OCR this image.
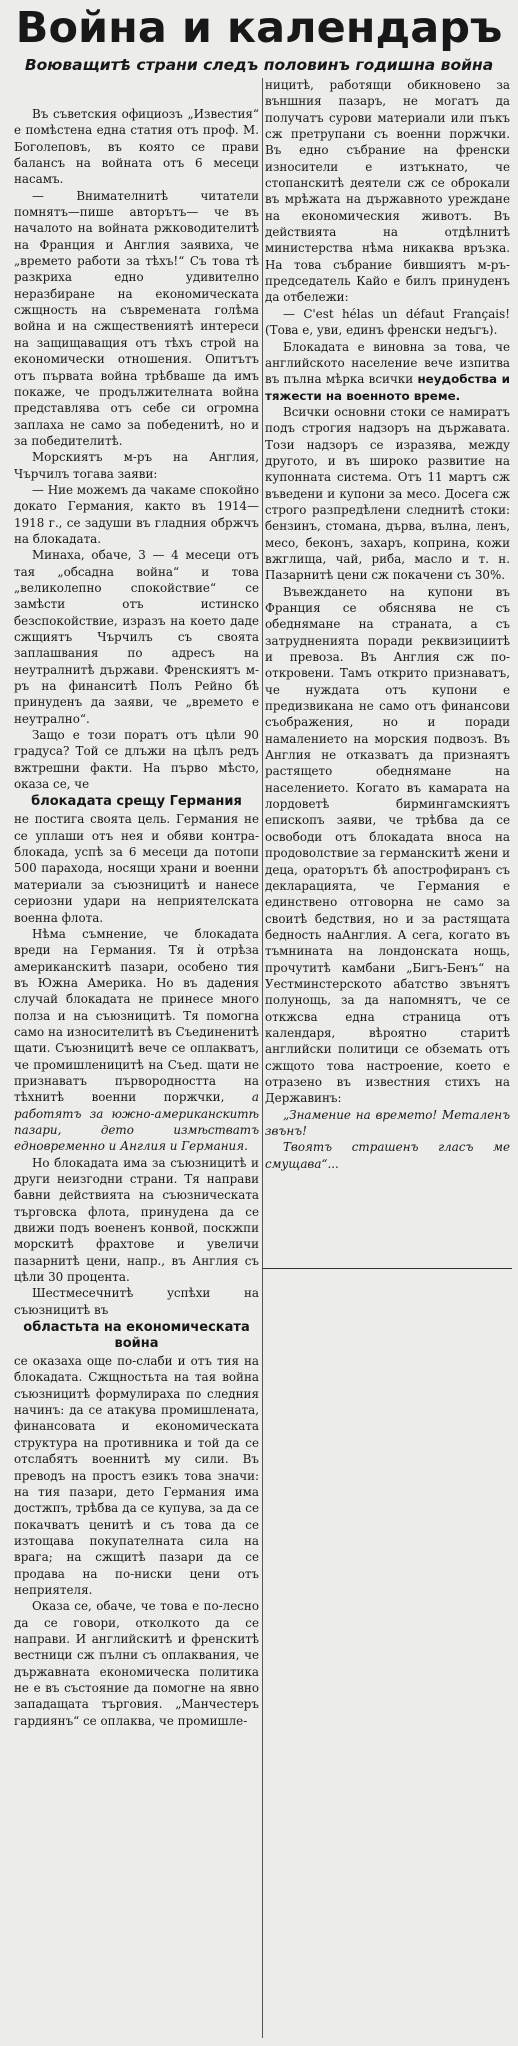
Война и календаръ
Воюващитѣ страни следъ половинъ годишна война

Въ съветския официозъ „Известия“ е помѣстена една статия отъ проф. М. Боголеповъ, въ която се прави балансъ на войната отъ 6 месеци насамъ.

— Внимателнитѣ читатели помнятъ—пише авторътъ— че въ началото на войната ржководителитѣ на Франция и Англия заявиха, че „времето работи за тѣхъ!“ Съ това тѣ разкриха едно удивително неразбиране на економическата сжщность на съвремената голѣма война и на сжществениятѣ интереси на защищаващия отъ тѣхъ строй на економически отношения. Опитътъ отъ първата война трѣбваше да имъ покаже, че продължителната война представлява отъ себе си огромна заплаха не само за победенитѣ, но и за победителитѣ.

Морскиятъ м-ръ на Англия, Чърчилъ тогава заяви:

— Ние можемъ да чакаме спокойно докато Германия, както въ 1914—1918 г., се задуши въ гладния обржчъ на блокадата.

Минаха, обаче, 3 — 4 месеци отъ тая „обсадна война“ и това „великолепно спокойствие“ се замѣсти отъ истинско безспокойствие, изразъ на което даде сжщиятъ Чърчилъ съ своята заплашвания по адресъ на неутралнитѣ държави. Френскиятъ м-ръ на финанситѣ Полъ Рейно бѣ принуденъ да заяви, че „времето е неутрално“.

Защо е този поратъ отъ цѣли 90 градуса? Той се длъжи на цѣлъ редъ вжтрешни факти. На първо мѣсто, оказа се, че

блокадата срещу Германия

не постига своята цель. Германия не се уплаши отъ нея и обяви контра-блокада, успѣ за 6 месеци да потопи 500 парахода, носящи храни и военни материали за съюзницитѣ и нанесе сериозни удари на неприятелската военна флота.

Нѣма съмнение, че блокадата вреди на Германия. Тя ѝ отрѣза американскитѣ пазари, особено тия въ Южна Америка. Но въ дадения случай блокадата не принесе много полза и на съюзницитѣ. Тя помогна само на износителитѣ въ Съединенитѣ щати. Съюзницитѣ вече се оплакватъ, че промишленицитѣ на Съед. щати не признаватъ първородността на тѣхнитѣ военни поржчки, а работятъ за южно-американскитѣ пазари, дето измѣстватъ едновременно и Англия и Германия.

Но блокадата има за съюзницитѣ и други неизгодни страни. Тя направи бавни действията на съюзническата търговска флота, принудена да се движи подъ воененъ конвой, поскжпи морскитѣ фрахтове и увеличи пазарнитѣ цени, напр., въ Англия съ цѣли 30 процента.

Шестмесечнитѣ успѣхи на съюзницитѣ въ

областьта на економическата война

се оказаха още по-слаби и отъ тия на блокадата. Сжщностьта на тая война съюзницитѣ формулираха по следния начинъ: да се атакува промишлената, финансовата и економическата структура на противника и той да се отслабятъ военнитѣ му сили. Въ преводъ на простъ езикъ това значи: на тия пазари, дето Германия има достжпъ, трѣбва да се купува, за да се покачватъ ценитѣ и съ това да се изтощава покупателната сила на врага; на сжщитѣ пазари да се продава на по-ниски цени отъ неприятеля.

Оказа се, обаче, че това е по-лесно да се говори, отколкото да се направи. И английскитѣ и френскитѣ вестници сж пълни съ оплаквания, че държавната економическа политика не е въ състояние да помогне на явно западащата търговия. „Манчестеръ гардиянъ“ се оплаква, че промишле-

ницитѣ, работящи обикновено за външния пазаръ, не могатъ да получатъ сурови материали или пъкъ сж претрупани съ военни поржчки. Въ едно събрание на френски износители е изтъкнато, че стопанскитѣ деятели сж се оброкали въ мрѣжата на държавното уреждане на економическия животъ. Въ действията на отдѣлнитѣ министерства нѣма никаква връзка. На това събрание бившиятъ м-ръ-председатель Кайо е билъ принуденъ да отбележи:

— C'est hélas un défaut Français! (Това е, уви, единъ френски недъгъ).

Блокадата е виновна за това, че английското население вече изпитва въ пълна мѣрка всички неудобства и тяжести на военното време.

Всички основни стоки се намиратъ подъ строгия надзоръ на държавата. Този надзоръ се изразява, между другото, и въ широко развитие на купонната система. Отъ 11 мартъ сж въведени и купони за месо. Досега сж строго разпредѣлени следнитѣ стоки: бензинъ, стомана, дърва, вълна, ленъ, месо, беконъ, захаръ, коприна, кожи вжглища, чай, риба, масло и т. н. Пазарнитѣ цени сж покачени съ 30%.

Въвеждането на купони въ Франция се обяснява не съ обеднямане на страната, а съ затрудненията поради реквизициитѣ и превоза. Въ Англия сж по-откровени. Тамъ открито признаватъ, че нуждата отъ купони е предизвикана не само отъ финансови съображения, но и поради намалението на морския подвозъ. Въ Англия не отказватъ да признаятъ растящето обеднямане на населението. Когато въ камарата на лордоветѣ бирмингамскиятъ епископъ заяви, че трѣбва да се освободи отъ блокадата вноса на продоволствие за германскитѣ жени и деца, ораторътъ бѣ апострофиранъ съ декларацията, че Германия е единствено отговорна не само за своитѣ бедствия, но и за растящата бедность наАнглия. А сега, когато въ тъмнината на лондонската нощь, прочутитѣ камбани „Бигъ-Бенъ“ на Уестминстерското абатство звънятъ полунощь, за да напомнятъ, че се откжсва една страница отъ календаря, вѣроятно старитѣ английски политици се обземать отъ сжщото това настроение, което е отразено въ известния стихъ на Державинъ:

„Знамение на времето! Металенъ звънъ!
Твоятъ страшенъ гласъ ме смущава“...
